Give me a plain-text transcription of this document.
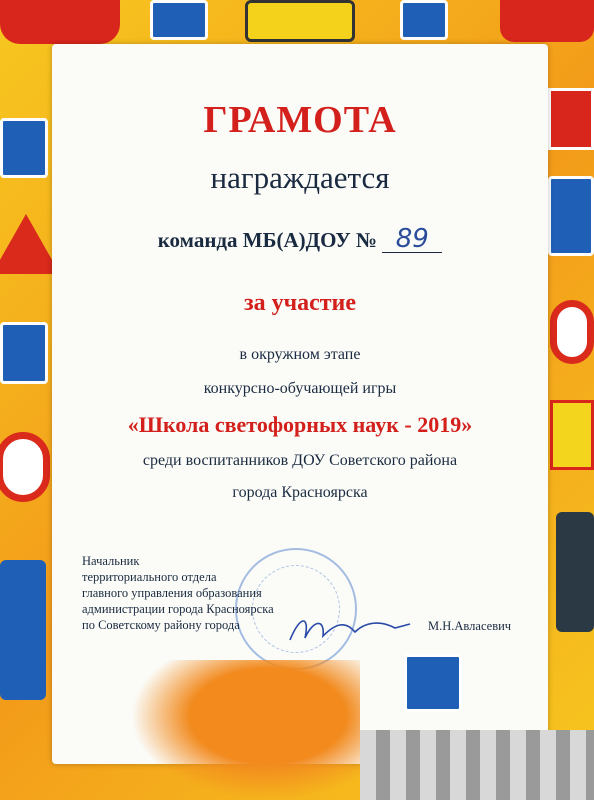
ГРАМОТА

награждается

команда МБ(А)ДОУ № 89

за участие

в окружном этапе

конкурсно-обучающей игры

«Школа светофорных наук - 2019»

среди воспитанников ДОУ Советского района

города Красноярска

Начальник
территориального отдела
главного управления образования
администрации города Красноярска
по Советскому району города	М.Н.Авласевич
